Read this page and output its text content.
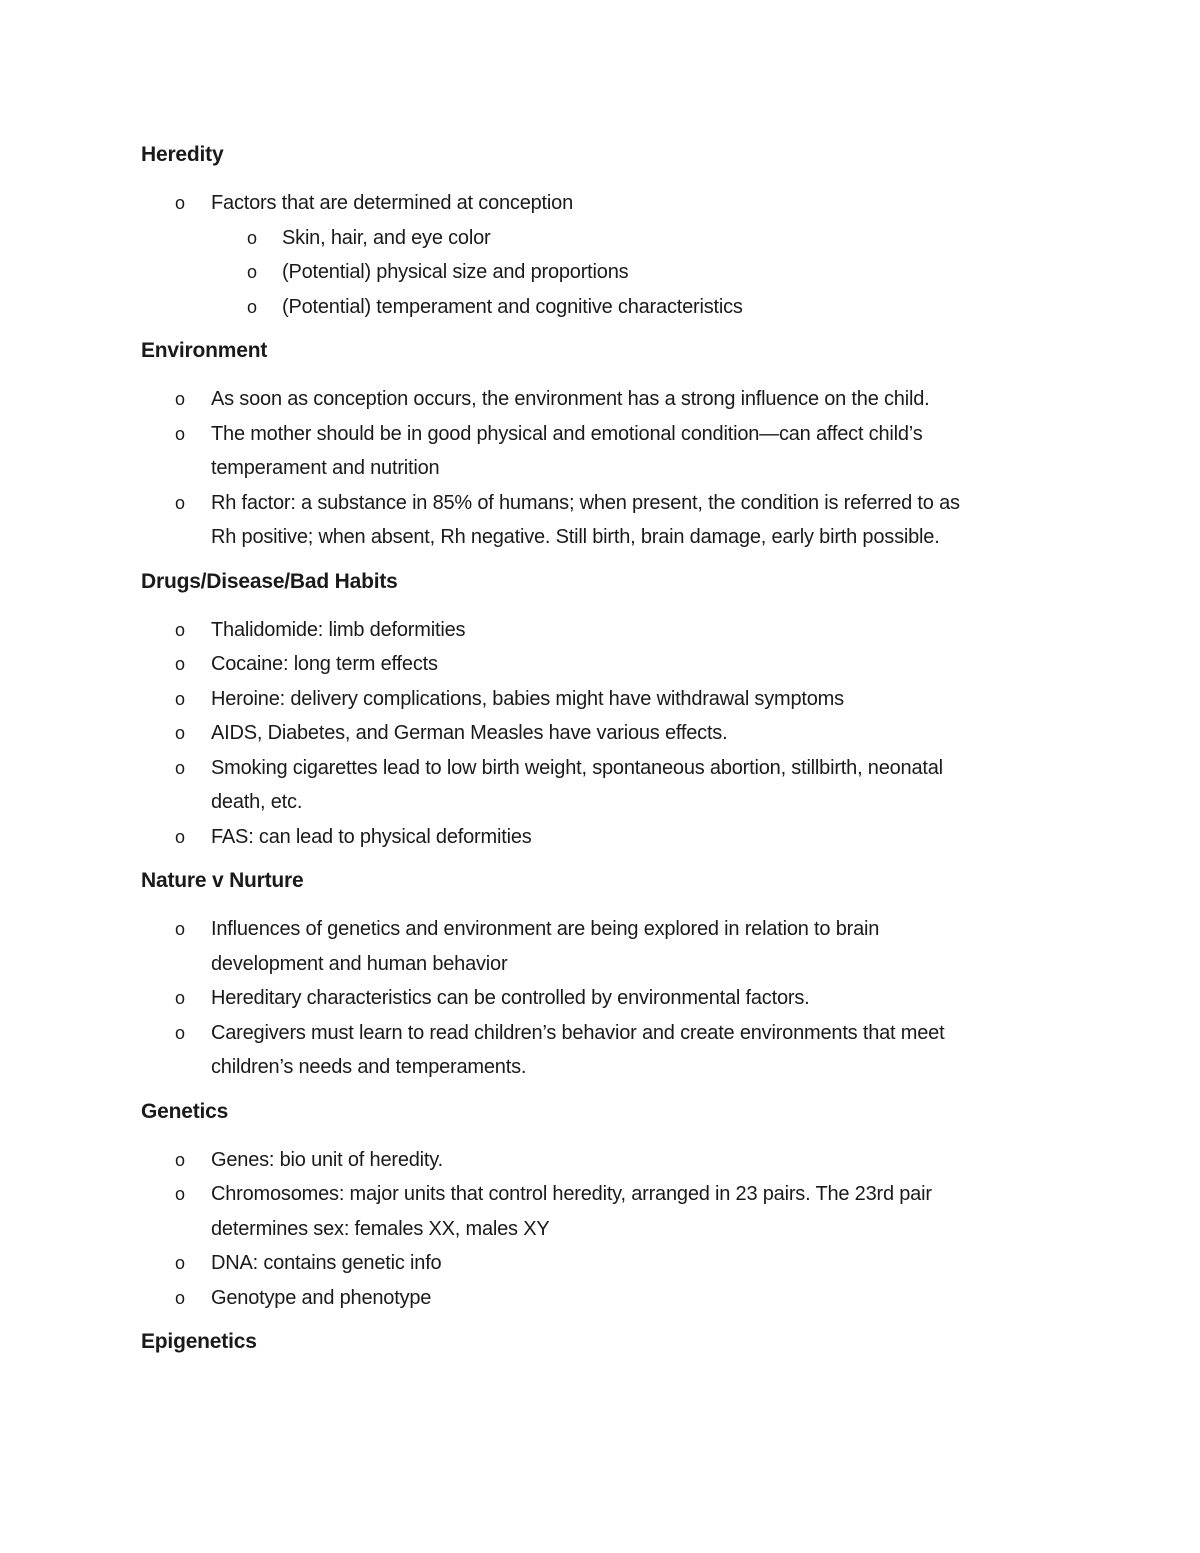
Heredity
o Factors that are determined at conception
o Skin, hair, and eye color
o (Potential) physical size and proportions
o (Potential) temperament and cognitive characteristics
Environment
o As soon as conception occurs, the environment has a strong influence on the child.
o The mother should be in good physical and emotional condition—can affect child’s
temperament and nutrition
o Rh factor: a substance in 85% of humans; when present, the condition is referred to as
Rh positive; when absent, Rh negative. Still birth, brain damage, early birth possible.
Drugs/Disease/Bad Habits
o Thalidomide: limb deformities
o Cocaine: long term effects
o Heroine: delivery complications, babies might have withdrawal symptoms
o AIDS, Diabetes, and German Measles have various effects.
o Smoking cigarettes lead to low birth weight, spontaneous abortion, stillbirth, neonatal
death, etc.
o FAS: can lead to physical deformities
Nature v Nurture
o Influences of genetics and environment are being explored in relation to brain
development and human behavior
o Hereditary characteristics can be controlled by environmental factors.
o Caregivers must learn to read children’s behavior and create environments that meet
children’s needs and temperaments.
Genetics
o Genes: bio unit of heredity.
o Chromosomes: major units that control heredity, arranged in 23 pairs. The 23rd pair
determines sex: females XX, males XY
o DNA: contains genetic info
o Genotype and phenotype
Epigenetics
